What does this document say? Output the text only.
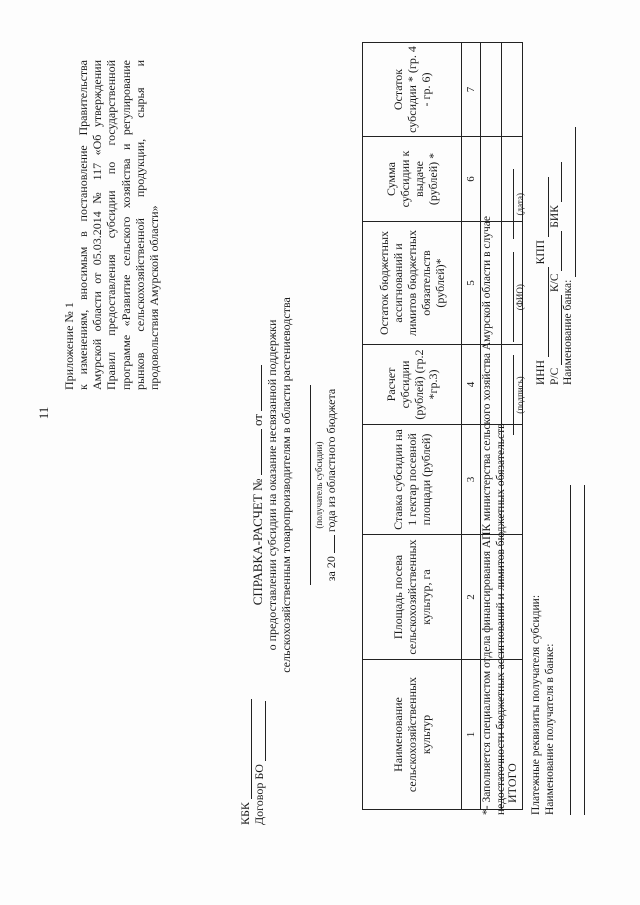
11
Приложение № 1 к изменениям, вносимым в постановление Правительства Амурской области от 05.03.2014 № 117 «Об утверждении Правил предоставления субсидии по государственной программе «Развитие сельского хозяйства и регулирование рынков сельскохозяйственной продукции, сырья и продовольствия Амурской области»
КБК Договор БО
СПРАВКА-РАСЧЕТ №  от о предоставлении субсидии на оказание несвязанной поддержки сельскохозяйственным товаропроизводителям в области растениеводства (получатель субсидии)
за 20  года из областного бюджета
Наименование сельскохозяйственных культур	Площадь посева сельскохозяйственных культур, га	Ставка субсидии на 1 гектар посевной площади (рублей)	Расчет субсидии (рублей) (гр.2 *гр.3)	Остаток бюджетных ассигнований и лимитов бюджетных обязательств (рублей)*	Сумма субсидии к выдаче (рублей) *	Остаток субсидии * (гр. 4 - гр. 6)
1	2	3	4	5	6	7

ИТОГО						
*- Заполняется специалистом отдела финансирования АПК министерства сельского хозяйства Амурской области в случае недостаточности бюджетных ассигнований и лимитов бюджетных обязательств

(подпись) (ФИО) (дата)
Платежные реквизиты получателя субсидии: Наименование получателя в банке:
ИНН  КПП
Р/С  К/С  БИК
Наименование банка:
